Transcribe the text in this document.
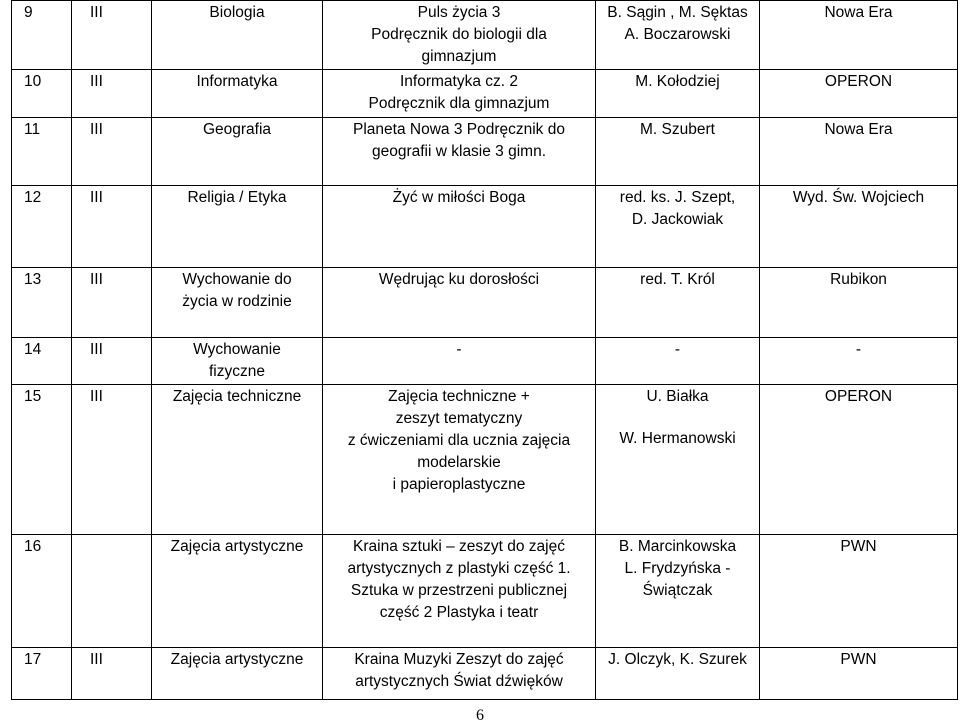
9	III	Biologia	Puls życia 3
Podręcznik do biologii dla
gimnazjum	B. Sągin , M. Sęktas
A. Boczarowski	Nowa Era
10	III	Informatyka	Informatyka cz. 2
Podręcznik dla gimnazjum	M. Kołodziej	OPERON
11	III	Geografia	Planeta Nowa 3 Podręcznik do
geografii w klasie 3 gimn.	M. Szubert	Nowa Era
12	III	Religia / Etyka	Żyć w miłości Boga	red. ks. J. Szept,
D. Jackowiak	Wyd. Św. Wojciech
13	III	Wychowanie do
życia w rodzinie	Wędrując ku dorosłości	red. T. Król	Rubikon
14	III	Wychowanie
fizyczne	-	-	-
15	III	Zajęcia techniczne	Zajęcia techniczne +
zeszyt tematyczny
z ćwiczeniami dla ucznia zajęcia
modelarskie
i papieroplastyczne	U. Białka
W. Hermanowski	OPERON
16		Zajęcia artystyczne	Kraina sztuki – zeszyt do zajęć
artystycznych z plastyki część 1.
Sztuka w przestrzeni publicznej
część 2 Plastyka i teatr	B. Marcinkowska
L. Frydzyńska -
Świątczak	PWN
17	III	Zajęcia artystyczne	Kraina Muzyki Zeszyt do zajęć
artystycznych Świat dźwięków	J. Olczyk, K. Szurek	PWN
6
